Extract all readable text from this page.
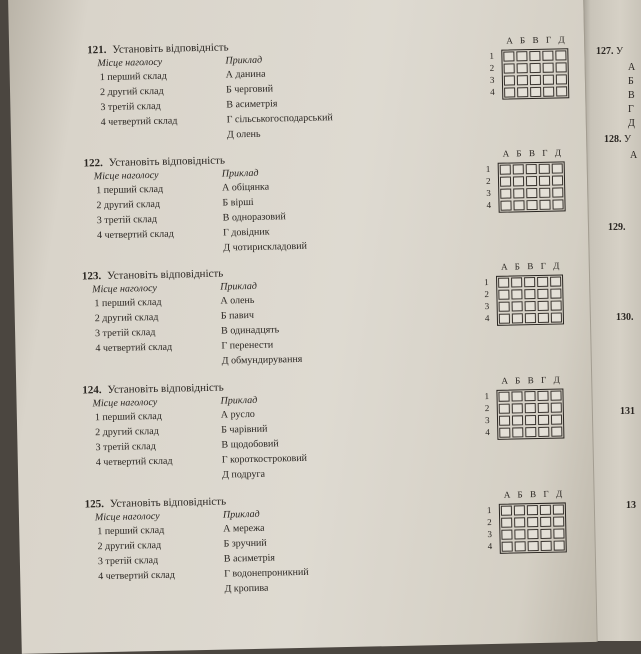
127. У
А
Б
В
Г
Д
128. У
А
129.
130.
131
13
121. Установіть відповідність
Місце наголосу	Приклад
1 перший склад
2 другий склад
3 третій склад
4 четвертий склад
А данина
Б черговий
В асиметрія
Г сільськогосподарський
Д олень
А Б В Г Д
1
2
3
4
122. Установіть відповідність
Місце наголосу	Приклад
1 перший склад
2 другий склад
3 третій склад
4 четвертий склад
А обіцянка
Б вірші
В одноразовий
Г довідник
Д чотирискладовий
А Б В Г Д
1
2
3
4
123. Установіть відповідність
Місце наголосу	Приклад
1 перший склад
2 другий склад
3 третій склад
4 четвертий склад
А олень
Б павич
В одинадцять
Г перенести
Д обмундирування
А Б В Г Д
1
2
3
4
124. Установіть відповідність
Місце наголосу	Приклад
1 перший склад
2 другий склад
3 третій склад
4 четвертий склад
А русло
Б чарівний
В щодобовий
Г короткостроковий
Д подруга
А Б В Г Д
1
2
3
4
125. Установіть відповідність
Місце наголосу	Приклад
1 перший склад
2 другий склад
3 третій склад
4 четвертий склад
А мережа
Б зручний
В асиметрія
Г водонепроникний
Д кропива
А Б В Г Д
1
2
3
4
